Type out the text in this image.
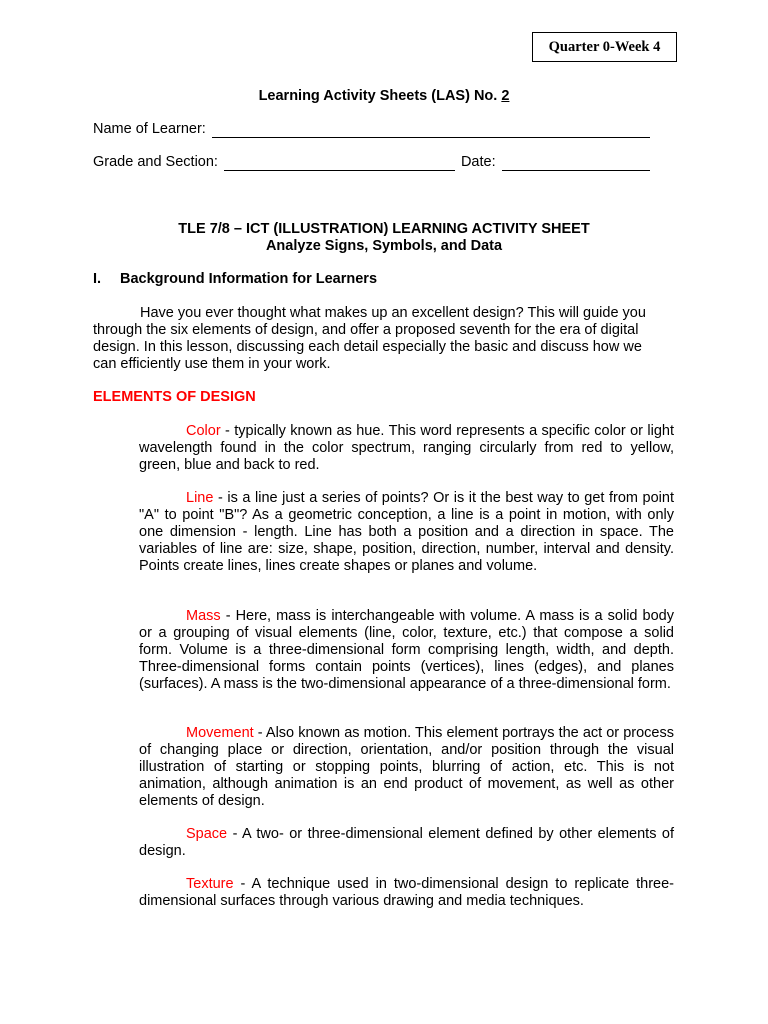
Quarter 0-Week 4
Learning Activity Sheets (LAS) No. 2
Name of Learner:
Grade and Section:	Date:
TLE 7/8 – ICT (ILLUSTRATION) LEARNING ACTIVITY SHEET
Analyze Signs, Symbols, and Data
I. Background Information for Learners

Have you ever thought what makes up an excellent design? This will guide you through the six elements of design, and offer a proposed seventh for the era of digital design. In this lesson, discussing each detail especially the basic and discuss how we can efficiently use them in your work.

ELEMENTS OF DESIGN

Color - typically known as hue. This word represents a specific color or light wavelength found in the color spectrum, ranging circularly from red to yellow, green, blue and back to red.

Line - is a line just a series of points? Or is it the best way to get from point "A" to point "B"? As a geometric conception, a line is a point in motion, with only one dimension - length. Line has both a position and a direction in space. The variables of line are: size, shape, position, direction, number, interval and density. Points create lines, lines create shapes or planes and volume.

Mass - Here, mass is interchangeable with volume. A mass is a solid body or a grouping of visual elements (line, color, texture, etc.) that compose a solid form. Volume is a three-dimensional form comprising length, width, and depth. Three-dimensional forms contain points (vertices), lines (edges), and planes (surfaces). A mass is the two-dimensional appearance of a three-dimensional form.

Movement - Also known as motion. This element portrays the act or process of changing place or direction, orientation, and/or position through the visual illustration of starting or stopping points, blurring of action, etc. This is not animation, although animation is an end product of movement, as well as other elements of design.

Space - A two- or three-dimensional element defined by other elements of design.

Texture - A technique used in two-dimensional design to replicate three-dimensional surfaces through various drawing and media techniques.
